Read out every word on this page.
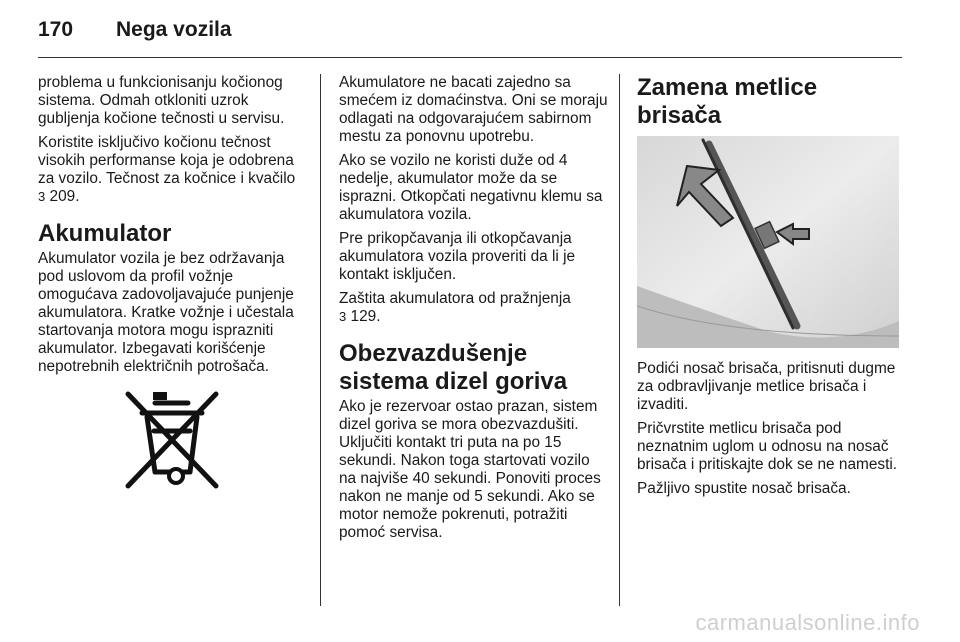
170 Nega vozila

problema u funkcionisanju kočionog sistema. Odmah otkloniti uzrok gubljenja kočione tečnosti u servisu.

Koristite isključivo kočionu tečnost visokih performanse koja je odobrena za vozilo. Tečnost za kočnice i kvačilo 3 209.

Akumulator

Akumulator vozila je bez održavanja pod uslovom da profil vožnje omogućava zadovoljavajuće punjenje akumulatora. Kratke vožnje i učestala startovanja motora mogu isprazniti akumulator. Izbegavati korišćenje nepotrebnih električnih potrošača.

Akumulatore ne bacati zajedno sa smećem iz domaćinstva. Oni se moraju odlagati na odgovarajućem sabirnom mestu za ponovnu upotrebu.

Ako se vozilo ne koristi duže od 4 nedelje, akumulator može da se isprazni. Otkopčati negativnu klemu sa akumulatora vozila.

Pre prikopčavanja ili otkopčavanja akumulatora vozila proveriti da li je kontakt isključen.

Zaštita akumulatora od pražnjenja
3 129.

Obezvazdušenje sistema dizel goriva

Ako je rezervoar ostao prazan, sistem dizel goriva se mora obezvazdušiti. Uključiti kontakt tri puta na po 15 sekundi. Nakon toga startovati vozilo na najviše 40 sekundi. Ponoviti proces nakon ne manje od 5 sekundi. Ako se motor nemože pokrenuti, potražiti pomoć servisa.

Zamena metlice brisača

Podići nosač brisača, pritisnuti dugme za odbravljivanje metlice brisača i izvaditi.

Pričvrstite metlicu brisača pod neznatnim uglom u odnosu na nosač brisača i pritiskajte dok se ne namesti.

Pažljivo spustite nosač brisača.

carmanualsonline.info
